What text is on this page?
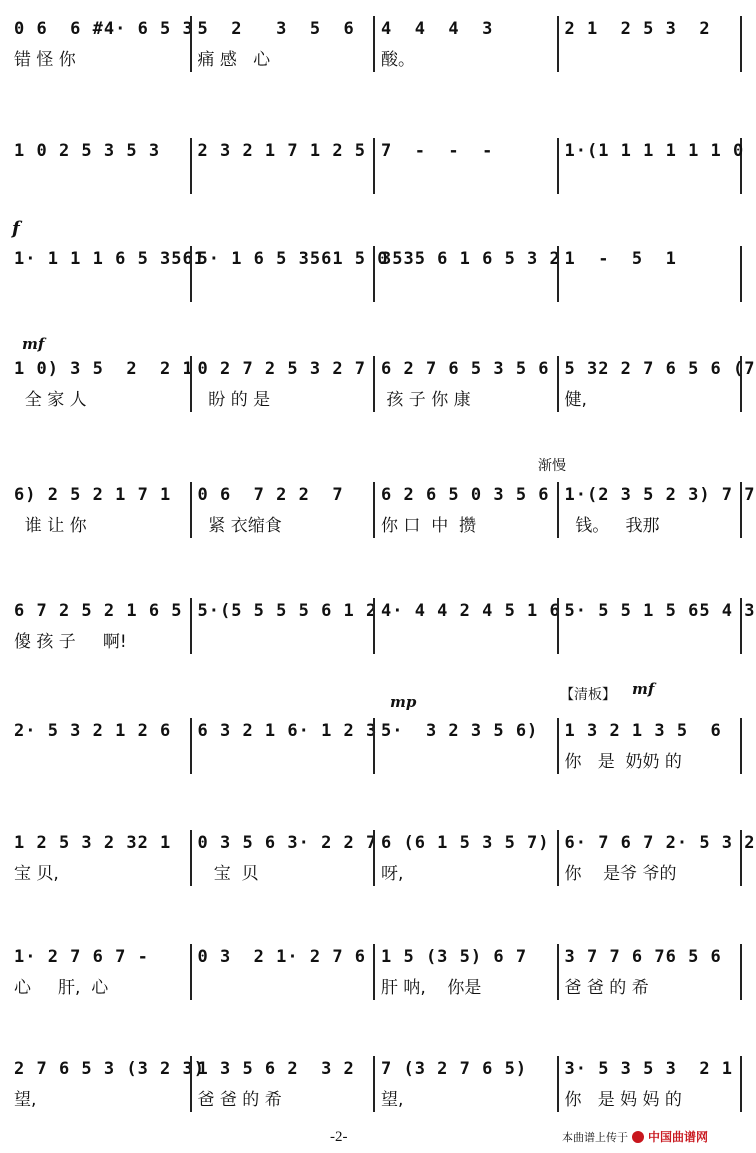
f
mf
渐慢
mp	【清板】 mf
0 6  6 #4· 6 5 3
错 怪 你
5  2   3  5  6
痛 感   心
4  4  4  3
酸。
2 1  2 5 3  2
1 0 2 5 3 5 3	2 3 2 1 7 1 2 5 7  -  -  -	1·(1 1 1 1 1 1 0
1· 1 1 1 6 5 3561
5· 1 6 5 3561 5 0
3535 6 1 6 5 3 2 1  -  5  1
1 0) 3 5  2  2 1
全 家 人
0 2 7 2 5 3 2 7
盼 的 是
6 2 7 6 5 3 5 6
孩 子 你 康
5 32 2 7 6 5 6 (7
健,
6) 2 5 2 1 7 1
谁 让 你
0 6  7 2 2  7
紧 衣缩食
6 2 6 5 0 3 5 6
你 口  中  攒
1·(2 3 5 2 3) 7 7
钱。   我那
6 7 2 5 2 1 6 5
傻 孩 子     啊!
5·(5 5 5 5 6 1 2 4· 4 4 2 4 5 1 6 5· 5 5 1 5 65 4 3
2· 5 3 2 1 2 6	6 3 2 1 6· 1 2 3 5·  3 2 3 5 6)	1 3 2 1 3 5  6
你   是  奶奶 的
1 2 5 3 2 32 1
宝 贝,
0 3 5 6 3· 2 2 7
宝  贝
6 (6 1 5 3 5 7)
呀,
6· 7 6 7 2· 5 3 2
你    是爷 爷的
1· 2 7 6 7 -
心     肝,  心
0 3  2 1· 2 7 6 1 5 (3 5) 6 7
肝 呐,    你是
3 7 7 6 76 5 6
爸 爸 的 希
2 7 6 5 3 (3 2 3)
望,
1 3 5 6 2  3 2
爸 爸 的 希
7 (3 2 7 6 5)
望,
3· 5 3 5 3  2 1
你   是 妈 妈 的
-2-	本曲谱上传于 中国曲谱网
